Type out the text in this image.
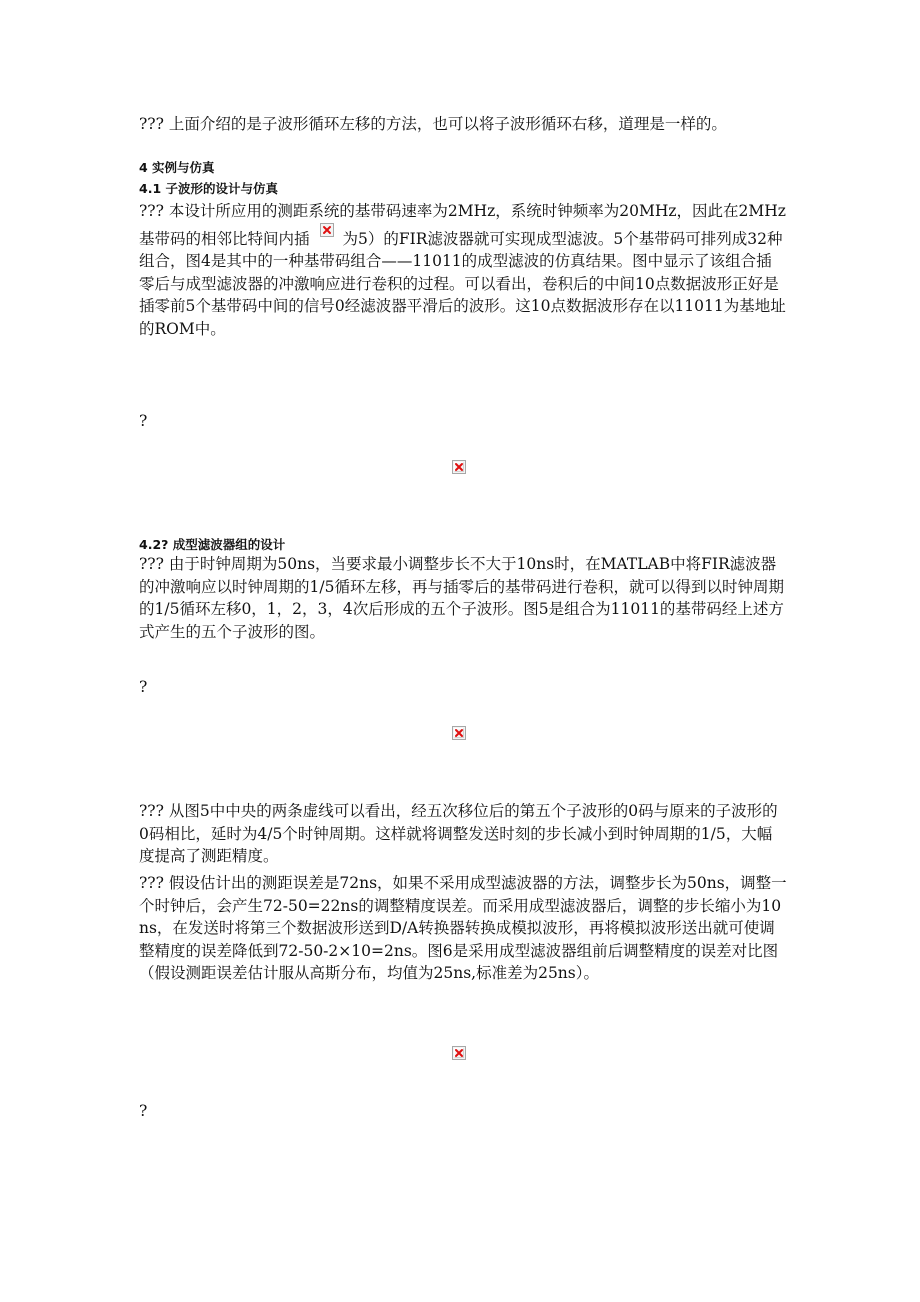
??? 上面介绍的是子波形循环左移的方法，也可以将子波形循环右移，道理是一样的。
4 实例与仿真
4.1 子波形的设计与仿真
??? 本设计所应用的测距系统的基带码速率为2MHz，系统时钟频率为20MHz，因此在2MHz基带码的相邻比特间内插 为5）的FIR滤波器就可实现成型滤波。5个基带码可排列成32种组合，图4是其中的一种基带码组合——11011的成型滤波的仿真结果。图中显示了该组合插零后与成型滤波器的冲激响应进行卷积的过程。可以看出，卷积后的中间10点数据波形正好是插零前5个基带码中间的信号0经滤波器平滑后的波形。这10点数据波形存在以11011为基地址的ROM中。
?
4.2? 成型滤波器组的设计
??? 由于时钟周期为50ns，当要求最小调整步长不大于10ns时，在MATLAB中将FIR滤波器的冲激响应以时钟周期的1/5循环左移，再与插零后的基带码进行卷积，就可以得到以时钟周期的1/5循环左移0，1，2，3，4次后形成的五个子波形。图5是组合为11011的基带码经上述方式产生的五个子波形的图。
?
??? 从图5中中央的两条虚线可以看出，经五次移位后的第五个子波形的0码与原来的子波形的0码相比，延时为4/5个时钟周期。这样就将调整发送时刻的步长减小到时钟周期的1/5，大幅度提高了测距精度。
??? 假设估计出的测距误差是72ns，如果不采用成型滤波器的方法，调整步长为50ns，调整一个时钟后，会产生72-50=22ns的调整精度误差。而采用成型滤波器后，调整的步长缩小为10ns，在发送时将第三个数据波形送到D/A转换器转换成模拟波形，再将模拟波形送出就可使调整精度的误差降低到72-50-2×10=2ns。图6是采用成型滤波器组前后调整精度的误差对比图（假设测距误差估计服从高斯分布，均值为25ns,标准差为25ns）。
?
